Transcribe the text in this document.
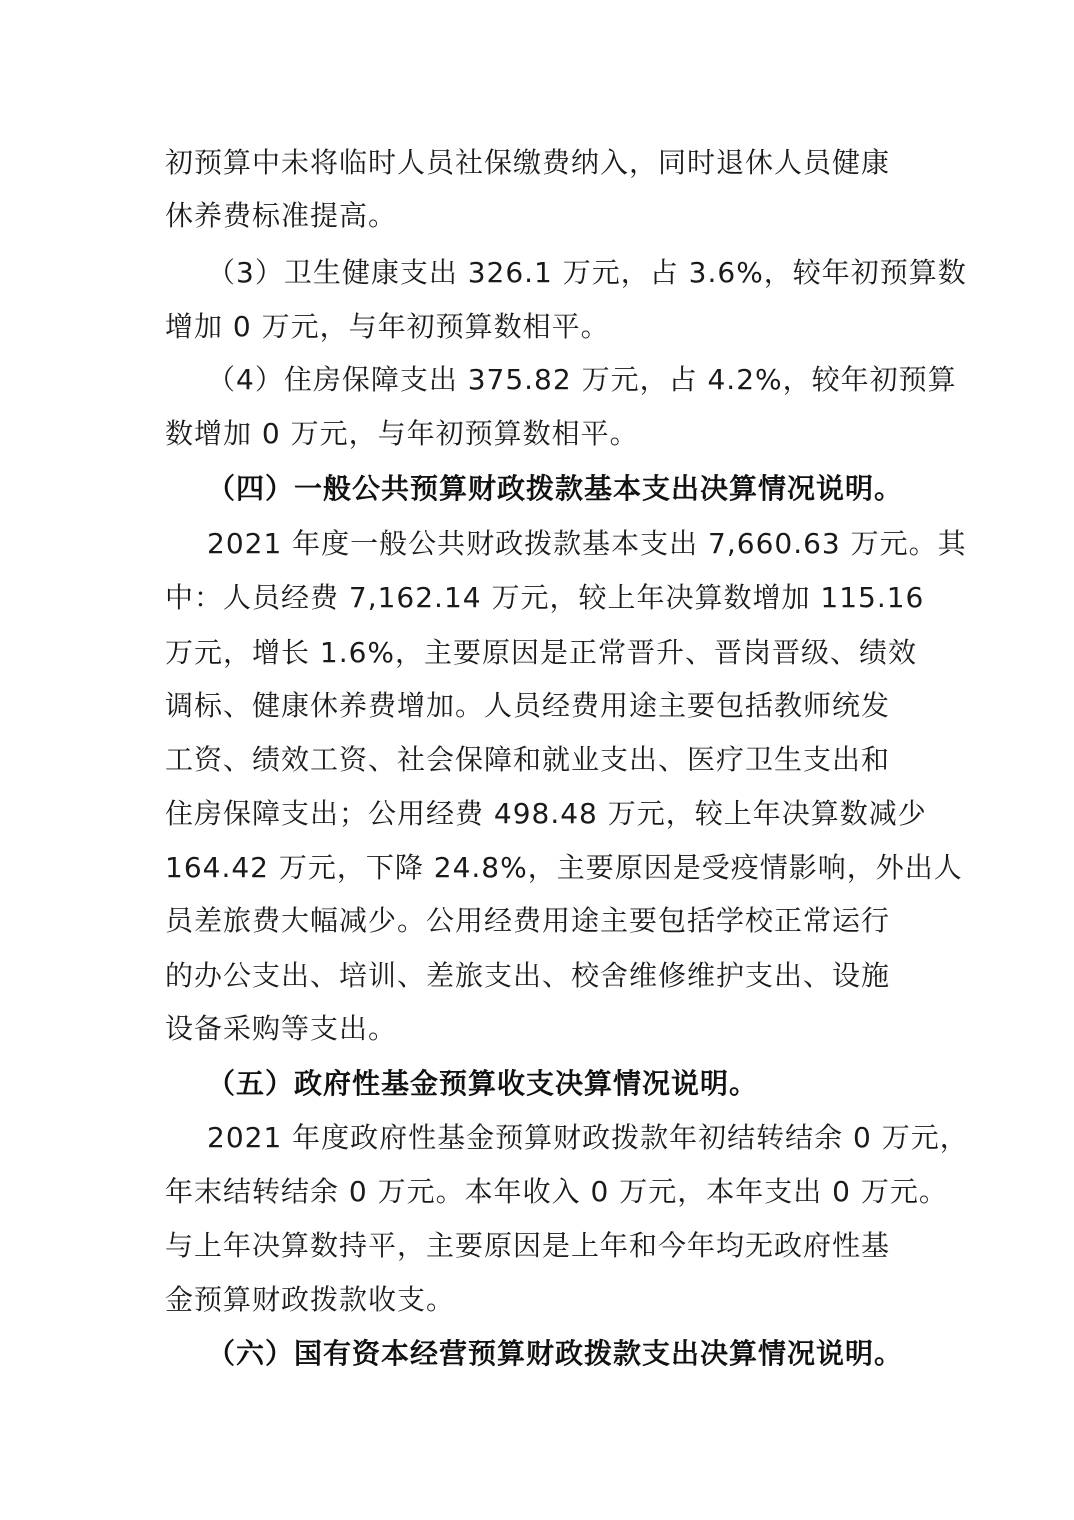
初预算中未将临时人员社保缴费纳入，同时退休人员健康
休养费标准提高。
（3）卫生健康支出 326.1 万元，占 3.6%，较年初预算数
增加 0 万元，与年初预算数相平。
（4）住房保障支出 375.82 万元，占 4.2%，较年初预算
数增加 0 万元，与年初预算数相平。
（四）一般公共预算财政拨款基本支出决算情况说明。
2021 年度一般公共财政拨款基本支出 7,660.63 万元。其
中：人员经费 7,162.14 万元，较上年决算数增加 115.16
万元，增长 1.6%，主要原因是正常晋升、晋岗晋级、绩效
调标、健康休养费增加。人员经费用途主要包括教师统发
工资、绩效工资、社会保障和就业支出、医疗卫生支出和
住房保障支出；公用经费 498.48 万元，较上年决算数减少
164.42 万元，下降 24.8%，主要原因是受疫情影响，外出人
员差旅费大幅减少。公用经费用途主要包括学校正常运行
的办公支出、培训、差旅支出、校舍维修维护支出、设施
设备采购等支出。
（五）政府性基金预算收支决算情况说明。
2021 年度政府性基金预算财政拨款年初结转结余 0 万元，
年末结转结余 0 万元。本年收入 0 万元，本年支出 0 万元。
与上年决算数持平，主要原因是上年和今年均无政府性基
金预算财政拨款收支。
（六）国有资本经营预算财政拨款支出决算情况说明。
